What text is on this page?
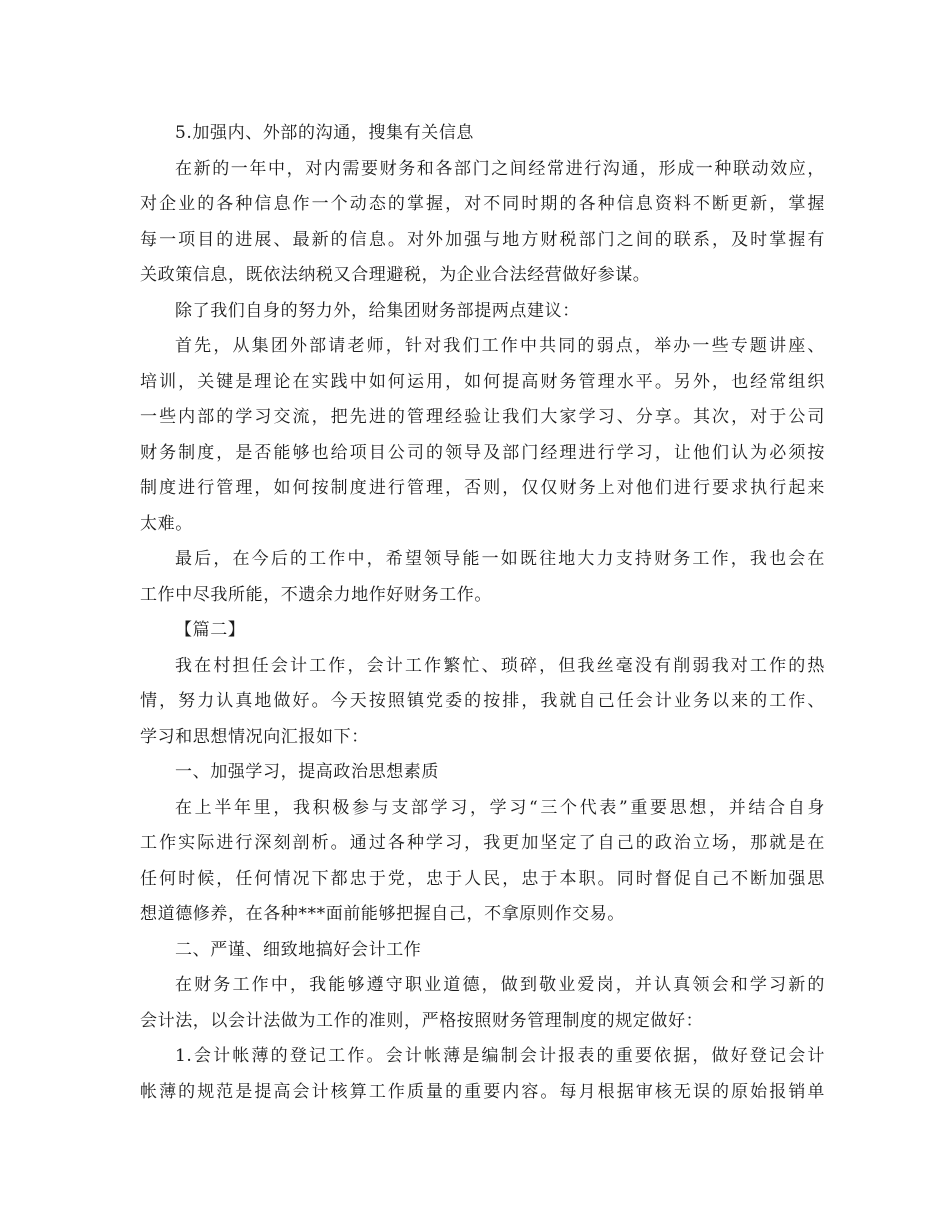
5.加强内、外部的沟通，搜集有关信息
在新的一年中，对内需要财务和各部门之间经常进行沟通，形成一种联动效应，
对企业的各种信息作一个动态的掌握，对不同时期的各种信息资料不断更新，掌握
每一项目的进展、最新的信息。对外加强与地方财税部门之间的联系，及时掌握有
关政策信息，既依法纳税又合理避税，为企业合法经营做好参谋。
除了我们自身的努力外，给集团财务部提两点建议：
首先，从集团外部请老师，针对我们工作中共同的弱点，举办一些专题讲座、
培训，关键是理论在实践中如何运用，如何提高财务管理水平。另外，也经常组织
一些内部的学习交流，把先进的管理经验让我们大家学习、分享。其次，对于公司
财务制度，是否能够也给项目公司的领导及部门经理进行学习，让他们认为必须按
制度进行管理，如何按制度进行管理，否则，仅仅财务上对他们进行要求执行起来
太难。
最后，在今后的工作中，希望领导能一如既往地大力支持财务工作，我也会在
工作中尽我所能，不遗余力地作好财务工作。
【篇二】
我在村担任会计工作，会计工作繁忙、琐碎，但我丝毫没有削弱我对工作的热
情，努力认真地做好。今天按照镇党委的按排，我就自己任会计业务以来的工作、
学习和思想情况向汇报如下：
一、加强学习，提高政治思想素质
在上半年里，我积极参与支部学习，学习“三个代表”重要思想，并结合自身
工作实际进行深刻剖析。通过各种学习，我更加坚定了自己的政治立场，那就是在
任何时候，任何情况下都忠于党，忠于人民，忠于本职。同时督促自己不断加强思
想道德修养，在各种***面前能够把握自己，不拿原则作交易。
二、严谨、细致地搞好会计工作
在财务工作中，我能够遵守职业道德，做到敬业爱岗，并认真领会和学习新的
会计法，以会计法做为工作的准则，严格按照财务管理制度的规定做好：
1.会计帐薄的登记工作。会计帐薄是编制会计报表的重要依据，做好登记会计
帐薄的规范是提高会计核算工作质量的重要内容。每月根据审核无误的原始报销单
